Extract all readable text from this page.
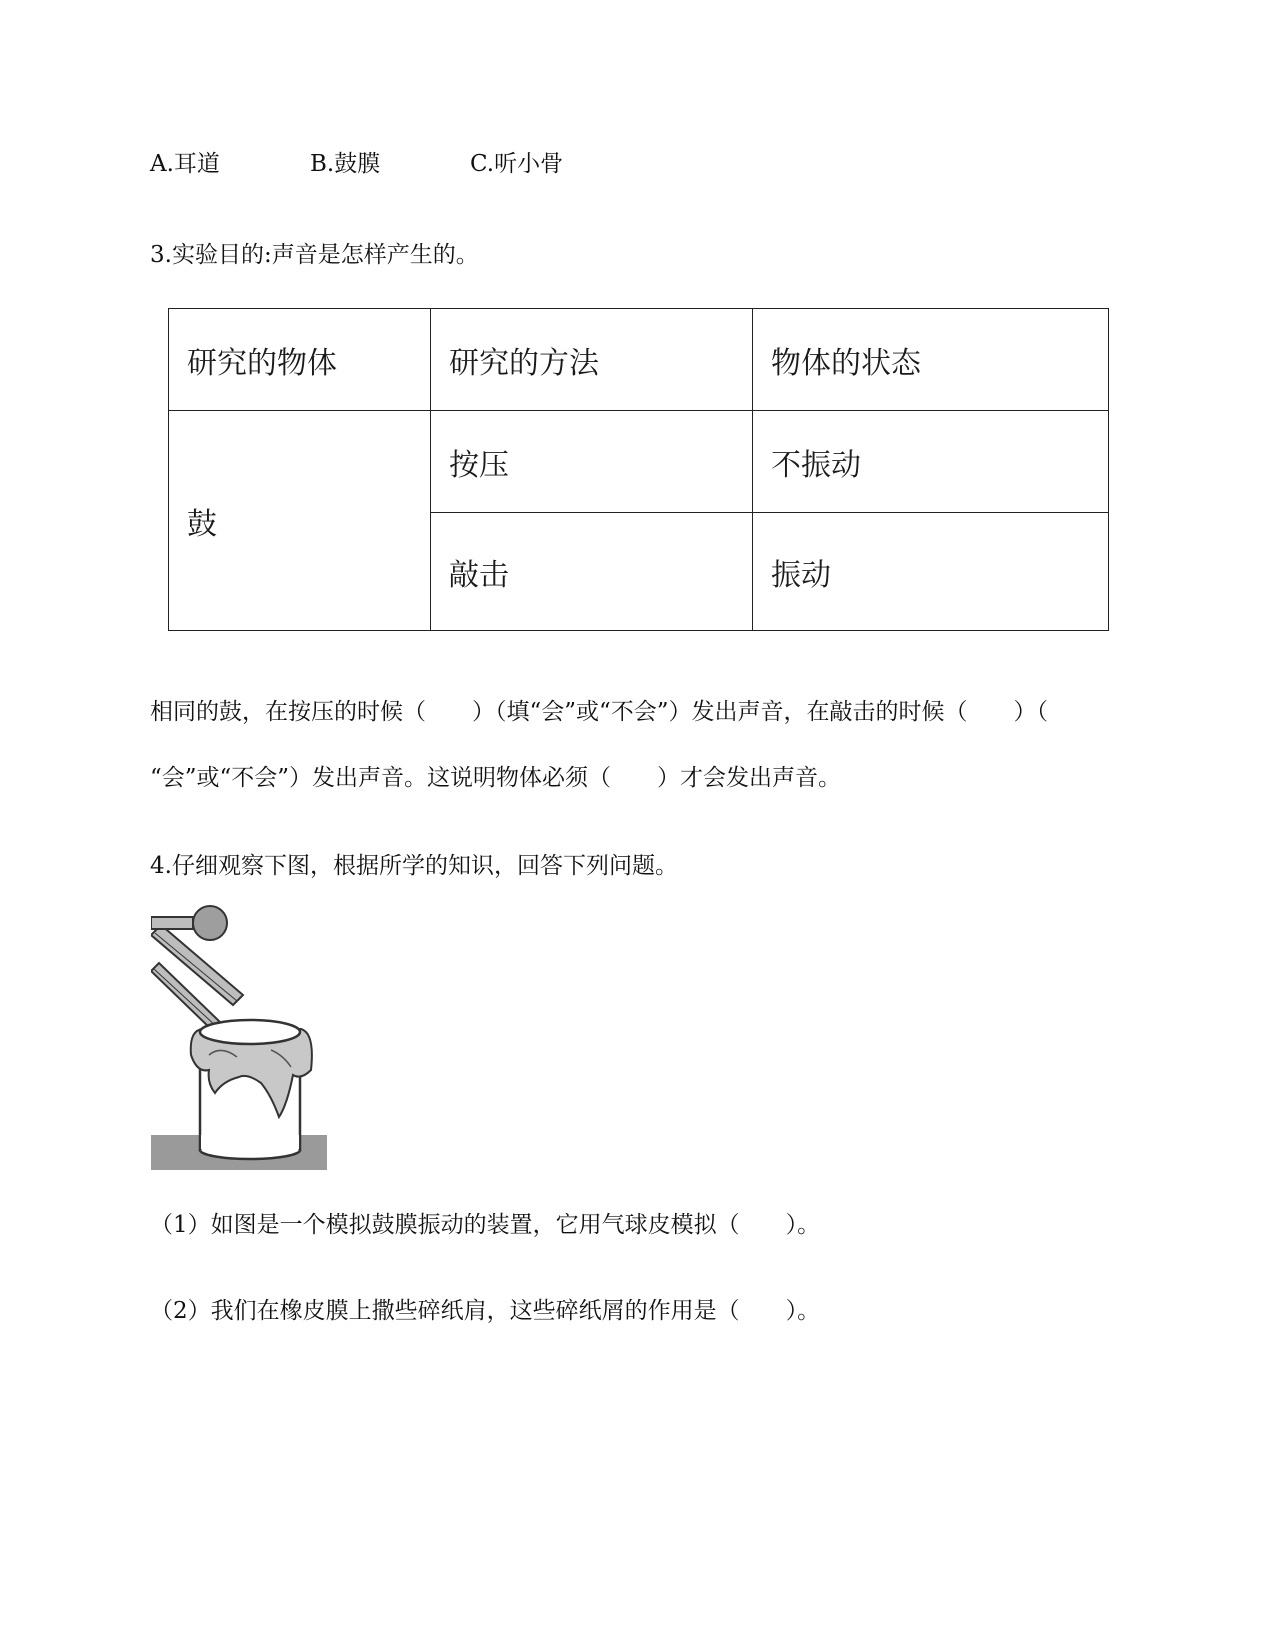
A.耳道	B.鼓膜	C.听小骨
3.实验目的:声音是怎样产生的。
研究的物体	研究的方法	物体的状态
鼓	按压	不振动
	敲击	振动
相同的鼓，在按压的时候（　　）（填“会”或“不会”）发出声音，在敲击的时候（　　）（
“会”或“不会”）发出声音。这说明物体必须（　　）才会发出声音。
4.仔细观察下图，根据所学的知识，回答下列问题。
（1）如图是一个模拟鼓膜振动的装置，它用气球皮模拟（　　）。
（2）我们在橡皮膜上撒些碎纸肩，这些碎纸屑的作用是（　　）。
